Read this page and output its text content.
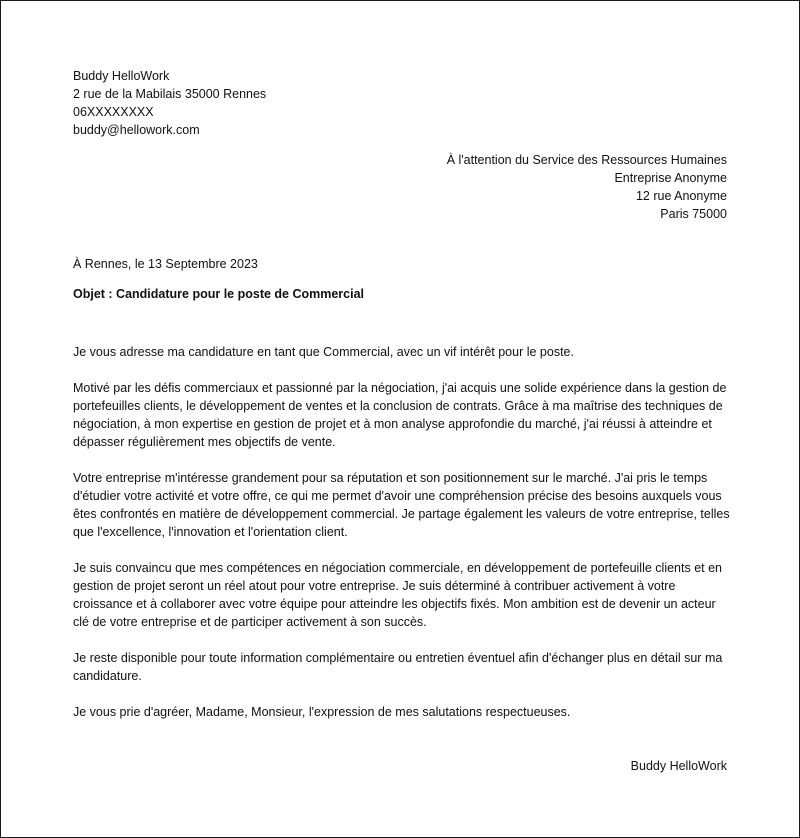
Buddy HelloWork
2 rue de la Mabilais 35000 Rennes
06XXXXXXXX
buddy@hellowork.com
À l'attention du Service des Ressources Humaines
Entreprise Anonyme
12 rue Anonyme
Paris 75000
À Rennes, le 13 Septembre 2023
Objet : Candidature pour le poste de Commercial

Je vous adresse ma candidature en tant que Commercial, avec un vif intérêt pour le poste.

Motivé par les défis commerciaux et passionné par la négociation, j'ai acquis une solide expérience dans la gestion de portefeuilles clients, le développement de ventes et la conclusion de contrats. Grâce à ma maîtrise des techniques de négociation, à mon expertise en gestion de projet et à mon analyse approfondie du marché, j'ai réussi à atteindre et dépasser régulièrement mes objectifs de vente.

Votre entreprise m'intéresse grandement pour sa réputation et son positionnement sur le marché. J'ai pris le temps d'étudier votre activité et votre offre, ce qui me permet d'avoir une compréhension précise des besoins auxquels vous êtes confrontés en matière de développement commercial. Je partage également les valeurs de votre entreprise, telles que l'excellence, l'innovation et l'orientation client.

Je suis convaincu que mes compétences en négociation commerciale, en développement de portefeuille clients et en gestion de projet seront un réel atout pour votre entreprise. Je suis déterminé à contribuer activement à votre croissance et à collaborer avec votre équipe pour atteindre les objectifs fixés. Mon ambition est de devenir un acteur clé de votre entreprise et de participer activement à son succès.

Je reste disponible pour toute information complémentaire ou entretien éventuel afin d'échanger plus en détail sur ma candidature.

Je vous prie d'agréer, Madame, Monsieur, l'expression de mes salutations respectueuses.

Buddy HelloWork
